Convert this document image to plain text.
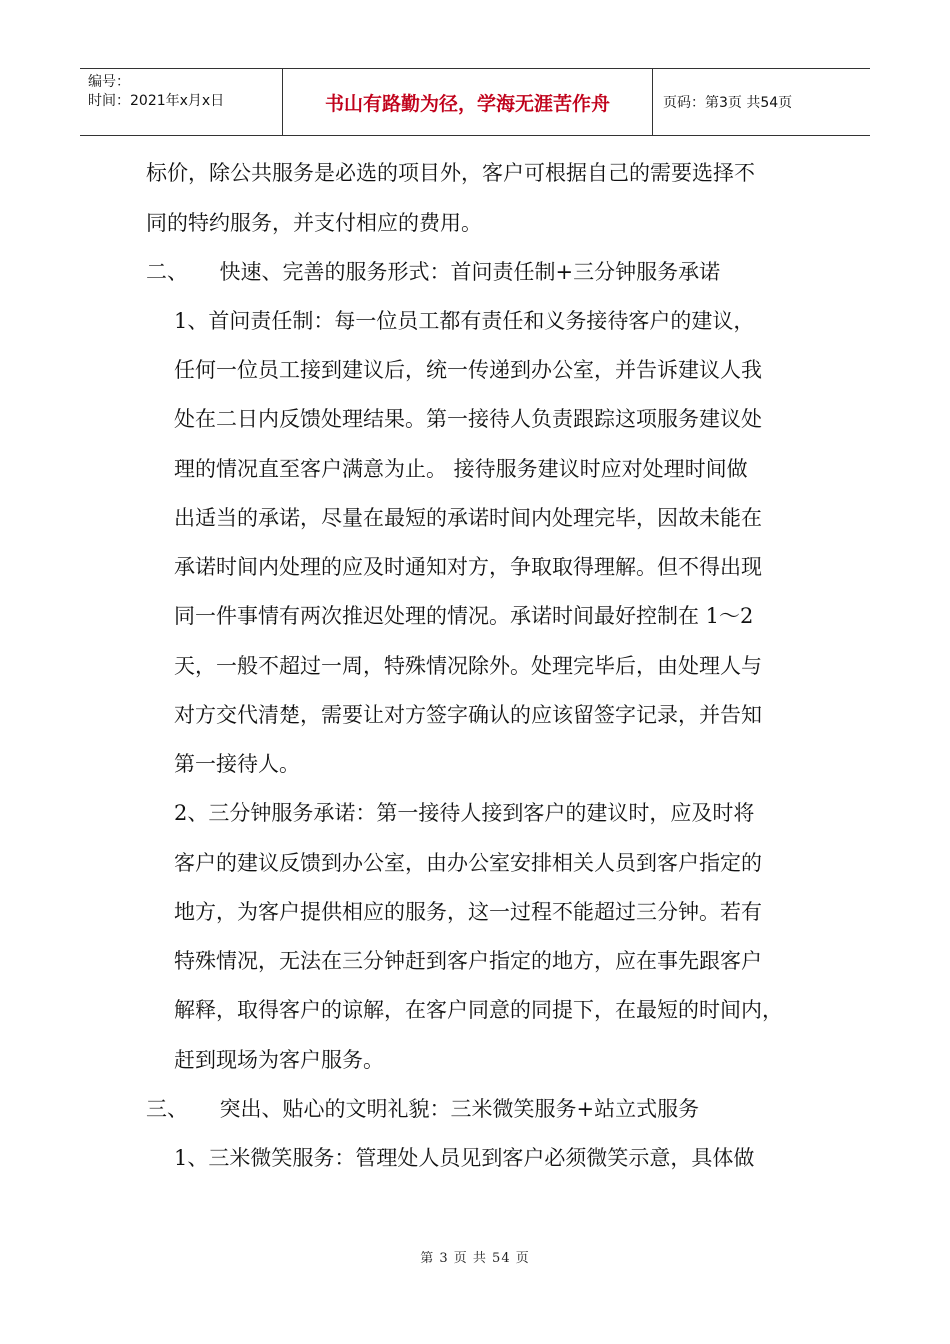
编号：
时间：2021年x月x日	书山有路勤为径，学海无涯苦作舟	页码：第3页 共54页
标价，除公共服务是必选的项目外，客户可根据自己的需要选择不
同的特约服务，并支付相应的费用。
二、　　快速、完善的服务形式：首问责任制+三分钟服务承诺
1、首问责任制：每一位员工都有责任和义务接待客户的建议，
任何一位员工接到建议后，统一传递到办公室，并告诉建议人我
处在二日内反馈处理结果。第一接待人负责跟踪这项服务建议处
理的情况直至客户满意为止。 接待服务建议时应对处理时间做
出适当的承诺，尽量在最短的承诺时间内处理完毕，因故未能在
承诺时间内处理的应及时通知对方，争取取得理解。但不得出现
同一件事情有两次推迟处理的情况。承诺时间最好控制在 1～2
天，一般不超过一周，特殊情况除外。处理完毕后，由处理人与
对方交代清楚，需要让对方签字确认的应该留签字记录，并告知
第一接待人。
2、三分钟服务承诺：第一接待人接到客户的建议时，应及时将
客户的建议反馈到办公室，由办公室安排相关人员到客户指定的
地方，为客户提供相应的服务，这一过程不能超过三分钟。若有
特殊情况，无法在三分钟赶到客户指定的地方，应在事先跟客户
解释，取得客户的谅解，在客户同意的同提下，在最短的时间内，
赶到现场为客户服务。
三、　　突出、贴心的文明礼貌：三米微笑服务+站立式服务
1、三米微笑服务：管理处人员见到客户必须微笑示意，具体做
第 3 页 共 54 页
